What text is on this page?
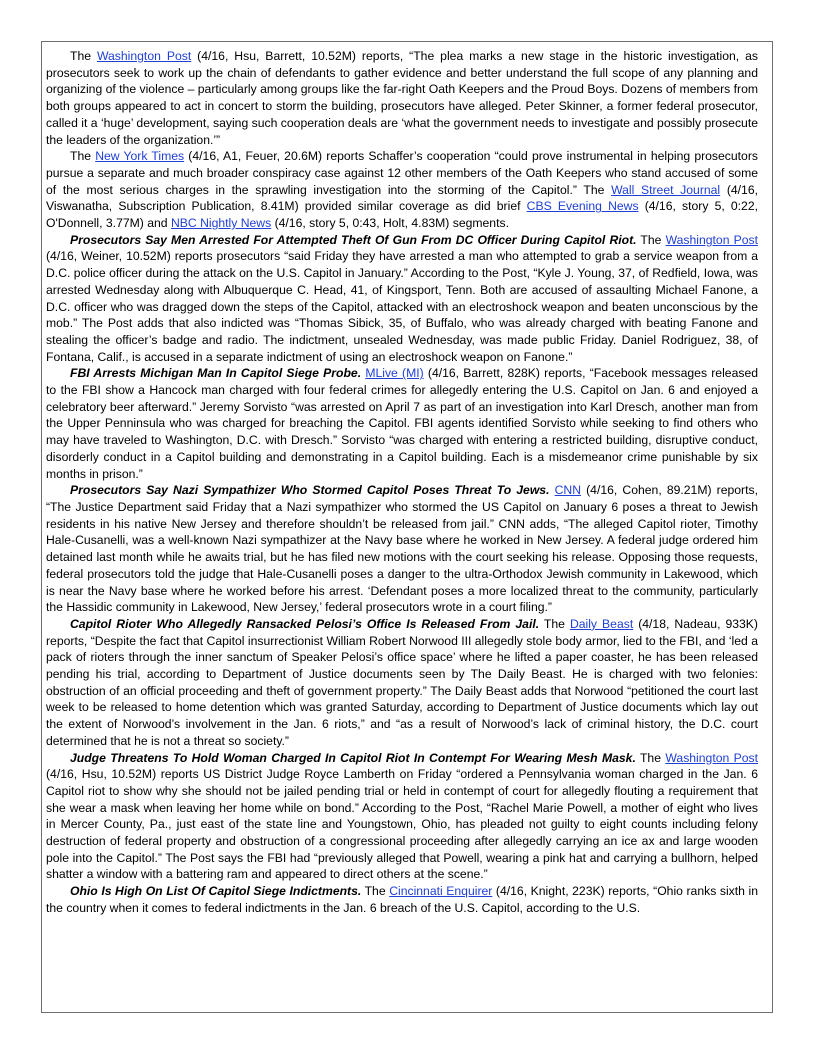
The Washington Post (4/16, Hsu, Barrett, 10.52M) reports, “The plea marks a new stage in the historic investigation, as prosecutors seek to work up the chain of defendants to gather evidence and better understand the full scope of any planning and organizing of the violence – particularly among groups like the far-right Oath Keepers and the Proud Boys. Dozens of members from both groups appeared to act in concert to storm the building, prosecutors have alleged. Peter Skinner, a former federal prosecutor, called it a ‘huge’ development, saying such cooperation deals are ‘what the government needs to investigate and possibly prosecute the leaders of the organization.’”

The New York Times (4/16, A1, Feuer, 20.6M) reports Schaffer’s cooperation “could prove instrumental in helping prosecutors pursue a separate and much broader conspiracy case against 12 other members of the Oath Keepers who stand accused of some of the most serious charges in the sprawling investigation into the storming of the Capitol.” The Wall Street Journal (4/16, Viswanatha, Subscription Publication, 8.41M) provided similar coverage as did brief CBS Evening News (4/16, story 5, 0:22, O'Donnell, 3.77M) and NBC Nightly News (4/16, story 5, 0:43, Holt, 4.83M) segments.

Prosecutors Say Men Arrested For Attempted Theft Of Gun From DC Officer During Capitol Riot. The Washington Post (4/16, Weiner, 10.52M) reports prosecutors “said Friday they have arrested a man who attempted to grab a service weapon from a D.C. police officer during the attack on the U.S. Capitol in January.” According to the Post, “Kyle J. Young, 37, of Redfield, Iowa, was arrested Wednesday along with Albuquerque C. Head, 41, of Kingsport, Tenn. Both are accused of assaulting Michael Fanone, a D.C. officer who was dragged down the steps of the Capitol, attacked with an electroshock weapon and beaten unconscious by the mob.” The Post adds that also indicted was “Thomas Sibick, 35, of Buffalo, who was already charged with beating Fanone and stealing the officer’s badge and radio. The indictment, unsealed Wednesday, was made public Friday. Daniel Rodriguez, 38, of Fontana, Calif., is accused in a separate indictment of using an electroshock weapon on Fanone.”

FBI Arrests Michigan Man In Capitol Siege Probe. MLive (MI) (4/16, Barrett, 828K) reports, “Facebook messages released to the FBI show a Hancock man charged with four federal crimes for allegedly entering the U.S. Capitol on Jan. 6 and enjoyed a celebratory beer afterward.” Jeremy Sorvisto “was arrested on April 7 as part of an investigation into Karl Dresch, another man from the Upper Penninsula who was charged for breaching the Capitol. FBI agents identified Sorvisto while seeking to find others who may have traveled to Washington, D.C. with Dresch.” Sorvisto “was charged with entering a restricted building, disruptive conduct, disorderly conduct in a Capitol building and demonstrating in a Capitol building. Each is a misdemeanor crime punishable by six months in prison.”

Prosecutors Say Nazi Sympathizer Who Stormed Capitol Poses Threat To Jews. CNN (4/16, Cohen, 89.21M) reports, “The Justice Department said Friday that a Nazi sympathizer who stormed the US Capitol on January 6 poses a threat to Jewish residents in his native New Jersey and therefore shouldn’t be released from jail.” CNN adds, “The alleged Capitol rioter, Timothy Hale-Cusanelli, was a well-known Nazi sympathizer at the Navy base where he worked in New Jersey. A federal judge ordered him detained last month while he awaits trial, but he has filed new motions with the court seeking his release. Opposing those requests, federal prosecutors told the judge that Hale-Cusanelli poses a danger to the ultra-Orthodox Jewish community in Lakewood, which is near the Navy base where he worked before his arrest. ‘Defendant poses a more localized threat to the community, particularly the Hassidic community in Lakewood, New Jersey,’ federal prosecutors wrote in a court filing.”

Capitol Rioter Who Allegedly Ransacked Pelosi’s Office Is Released From Jail. The Daily Beast (4/18, Nadeau, 933K) reports, “Despite the fact that Capitol insurrectionist William Robert Norwood III allegedly stole body armor, lied to the FBI, and ‘led a pack of rioters through the inner sanctum of Speaker Pelosi’s office space’ where he lifted a paper coaster, he has been released pending his trial, according to Department of Justice documents seen by The Daily Beast. He is charged with two felonies: obstruction of an official proceeding and theft of government property.” The Daily Beast adds that Norwood “petitioned the court last week to be released to home detention which was granted Saturday, according to Department of Justice documents which lay out the extent of Norwood’s involvement in the Jan. 6 riots,” and “as a result of Norwood’s lack of criminal history, the D.C. court determined that he is not a threat so society.”

Judge Threatens To Hold Woman Charged In Capitol Riot In Contempt For Wearing Mesh Mask. The Washington Post (4/16, Hsu, 10.52M) reports US District Judge Royce Lamberth on Friday “ordered a Pennsylvania woman charged in the Jan. 6 Capitol riot to show why she should not be jailed pending trial or held in contempt of court for allegedly flouting a requirement that she wear a mask when leaving her home while on bond.” According to the Post, “Rachel Marie Powell, a mother of eight who lives in Mercer County, Pa., just east of the state line and Youngstown, Ohio, has pleaded not guilty to eight counts including felony destruction of federal property and obstruction of a congressional proceeding after allegedly carrying an ice ax and large wooden pole into the Capitol.” The Post says the FBI had “previously alleged that Powell, wearing a pink hat and carrying a bullhorn, helped shatter a window with a battering ram and appeared to direct others at the scene.”

Ohio Is High On List Of Capitol Siege Indictments. The Cincinnati Enquirer (4/16, Knight, 223K) reports, “Ohio ranks sixth in the country when it comes to federal indictments in the Jan. 6 breach of the U.S. Capitol, according to the U.S.
